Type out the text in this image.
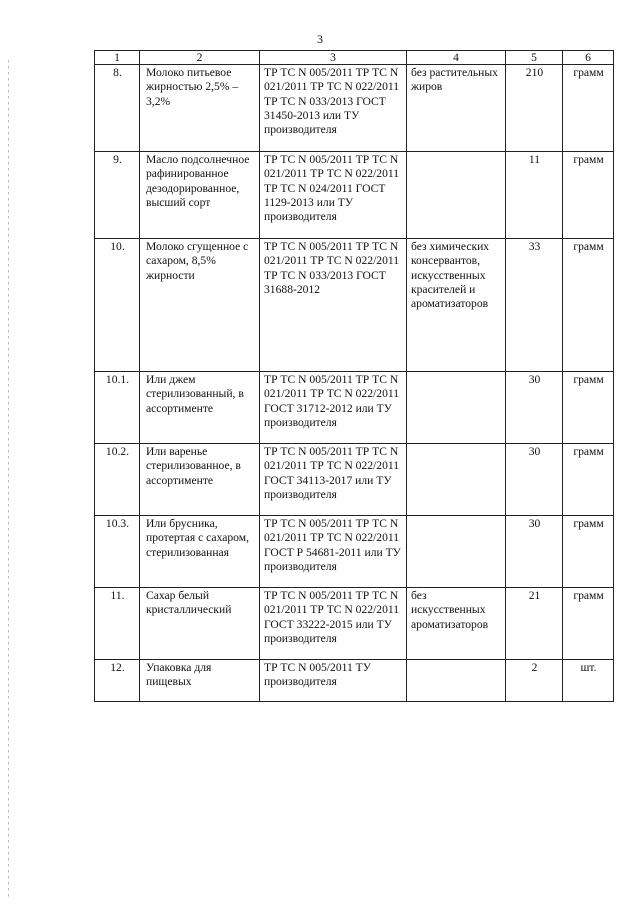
3
1	2	3	4	5	6
8.	Молоко питьевое жирностью 2,5% – 3,2%	ТР ТС N 005/2011 ТР ТС N 021/2011 ТР ТС N 022/2011 ТР ТС N 033/2013 ГОСТ 31450-2013 или ТУ производителя	без растительных жиров	210	грамм
9.	Масло подсолнечное рафинированное дезодорированное, высший сорт	ТР ТС N 005/2011 ТР ТС N 021/2011 ТР ТС N 022/2011 ТР ТС N 024/2011 ГОСТ 1129-2013 или ТУ производителя		11	грамм
10.	Молоко сгущенное с сахаром, 8,5% жирности	ТР ТС N 005/2011 ТР ТС N 021/2011 ТР ТС N 022/2011 ТР ТС N 033/2013 ГОСТ 31688-2012	без химических консервантов, искусственных красителей и ароматизаторов	33	грамм
10.1.	Или джем стерилизованный, в ассортименте	ТР ТС N 005/2011 ТР ТС N 021/2011 ТР ТС N 022/2011 ГОСТ 31712-2012 или ТУ производителя		30	грамм
10.2.	Или варенье стерилизованное, в ассортименте	ТР ТС N 005/2011 ТР ТС N 021/2011 ТР ТС N 022/2011 ГОСТ 34113-2017 или ТУ производителя		30	грамм
10.3.	Или брусника, протертая с сахаром, стерилизованная	ТР ТС N 005/2011 ТР ТС N 021/2011 ТР ТС N 022/2011 ГОСТ Р 54681-2011 или ТУ производителя		30	грамм
11.	Сахар белый кристаллический	ТР ТС N 005/2011 ТР ТС N 021/2011 ТР ТС N 022/2011 ГОСТ 33222-2015 или ТУ производителя	без искусственных ароматизаторов	21	грамм
12.	Упаковка для пищевых	ТР ТС N 005/2011 ТУ производителя		2	шт.
